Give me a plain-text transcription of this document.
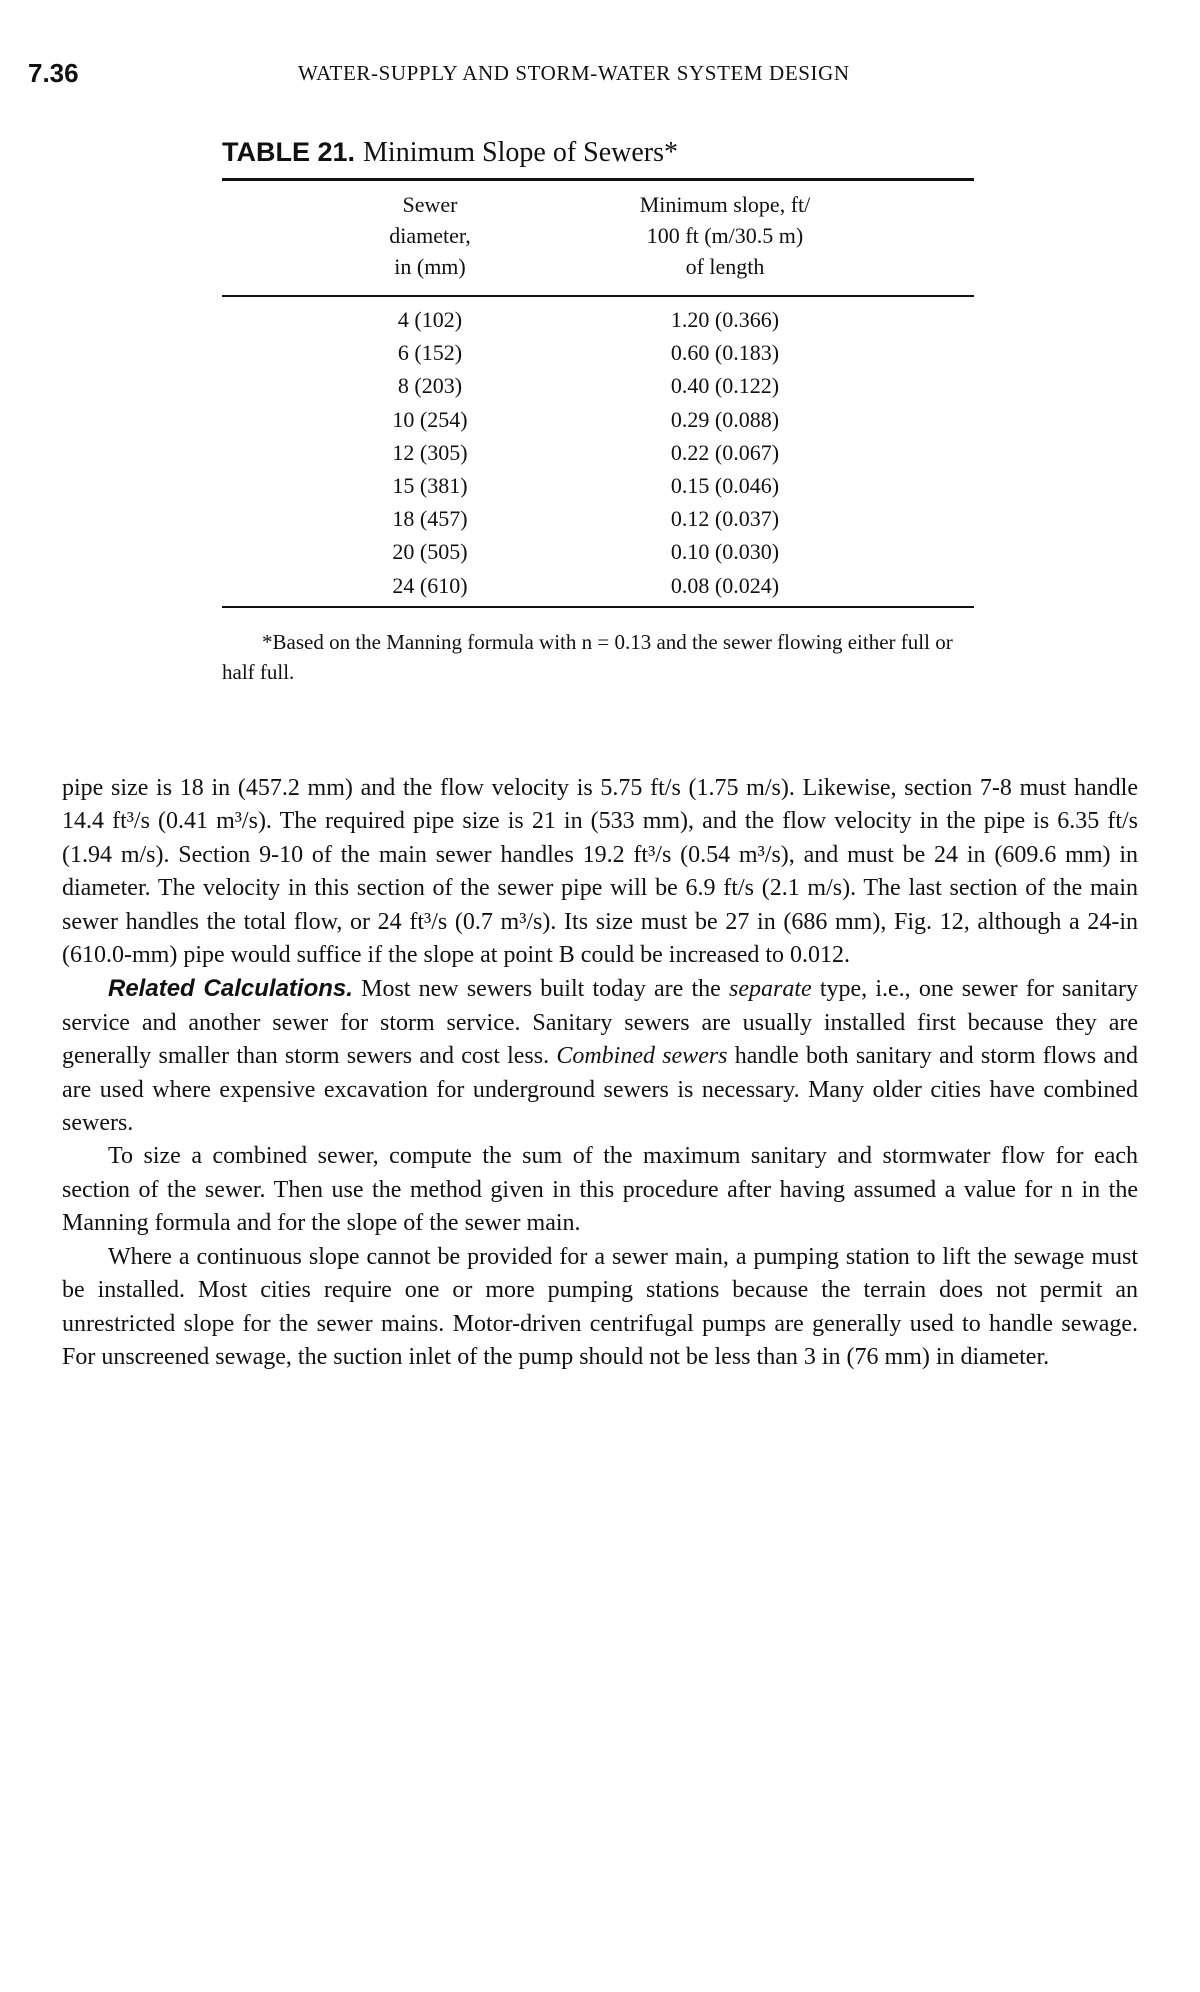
7.36	WATER-SUPPLY AND STORM-WATER SYSTEM DESIGN
TABLE 21. Minimum Slope of Sewers*
Sewer
diameter,
in (mm)
Minimum slope, ft/
100 ft (m/30.5 m)
of length
4 (102)	1.20 (0.366)
6 (152)	0.60 (0.183)
8 (203)	0.40 (0.122)
10 (254)	0.29 (0.088)
12 (305)	0.22 (0.067)
15 (381)	0.15 (0.046)
18 (457)	0.12 (0.037)
20 (505)	0.10 (0.030)
24 (610)	0.08 (0.024)
*Based on the Manning formula with n = 0.13 and the sewer flowing either full or half full.

pipe size is 18 in (457.2 mm) and the flow velocity is 5.75 ft/s (1.75 m/s). Likewise, section 7-8 must handle 14.4 ft³/s (0.41 m³/s). The required pipe size is 21 in (533 mm), and the flow velocity in the pipe is 6.35 ft/s (1.94 m/s). Section 9-10 of the main sewer handles 19.2 ft³/s (0.54 m³/s), and must be 24 in (609.6 mm) in diameter. The velocity in this section of the sewer pipe will be 6.9 ft/s (2.1 m/s). The last section of the main sewer handles the total flow, or 24 ft³/s (0.7 m³/s). Its size must be 27 in (686 mm), Fig. 12, although a 24-in (610.0-mm) pipe would suffice if the slope at point B could be increased to 0.012.

Related Calculations. Most new sewers built today are the separate type, i.e., one sewer for sanitary service and another sewer for storm service. Sanitary sewers are usually installed first because they are generally smaller than storm sewers and cost less. Combined sewers handle both sanitary and storm flows and are used where expensive excavation for underground sewers is necessary. Many older cities have combined sewers.

To size a combined sewer, compute the sum of the maximum sanitary and stormwater flow for each section of the sewer. Then use the method given in this procedure after having assumed a value for n in the Manning formula and for the slope of the sewer main.

Where a continuous slope cannot be provided for a sewer main, a pumping station to lift the sewage must be installed. Most cities require one or more pumping stations because the terrain does not permit an unrestricted slope for the sewer mains. Motor-driven centrifugal pumps are generally used to handle sewage. For unscreened sewage, the suction inlet of the pump should not be less than 3 in (76 mm) in diameter.
